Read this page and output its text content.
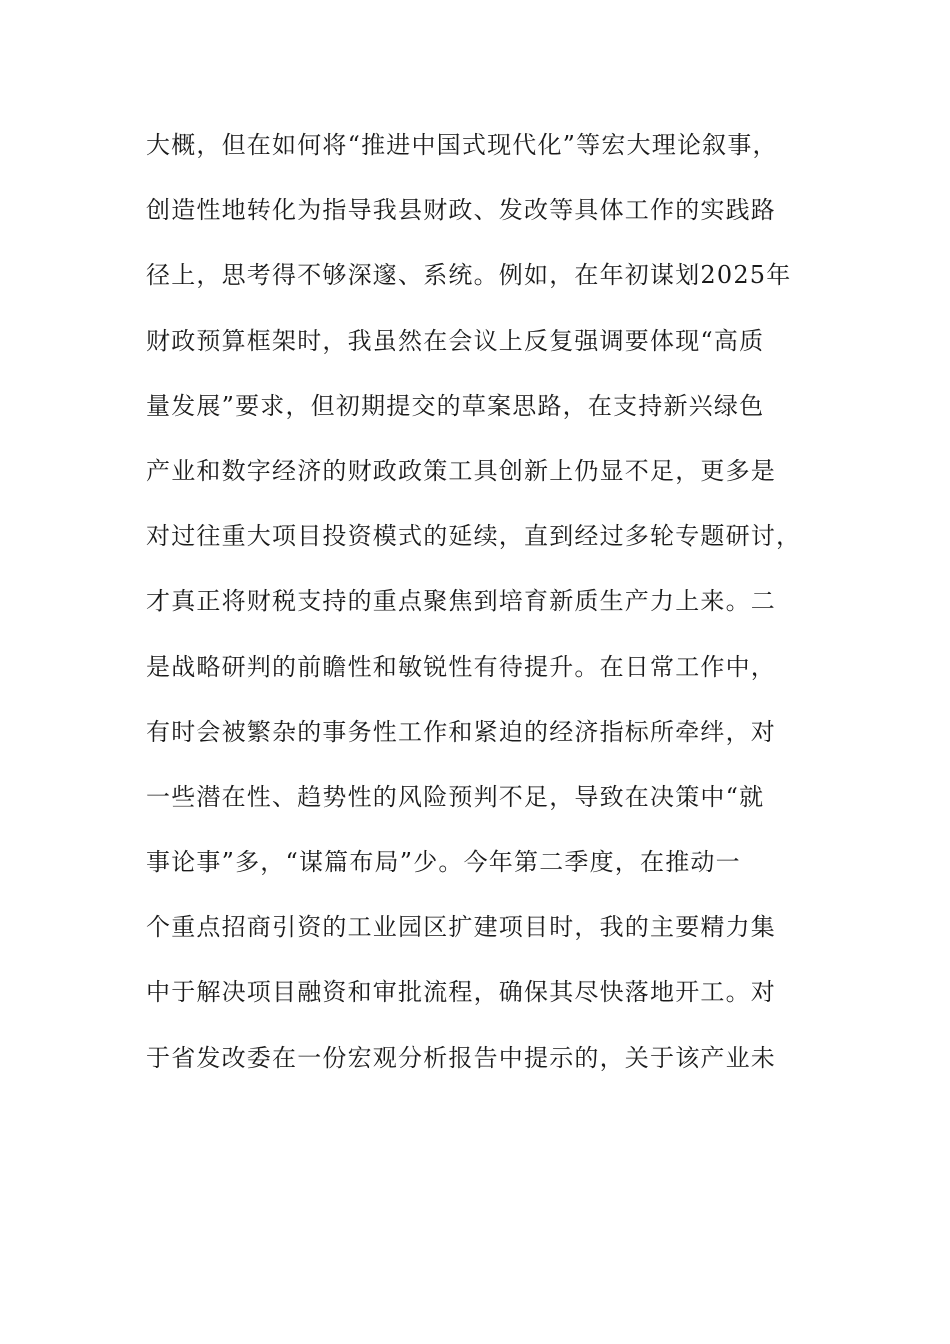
大概，但在如何将“推进中国式现代化”等宏大理论叙事，
创造性地转化为指导我县财政、发改等具体工作的实践路
径上，思考得不够深邃、系统。例如，在年初谋划2025年
财政预算框架时，我虽然在会议上反复强调要体现“高质
量发展”要求，但初期提交的草案思路，在支持新兴绿色
产业和数字经济的财政政策工具创新上仍显不足，更多是
对过往重大项目投资模式的延续，直到经过多轮专题研讨，
才真正将财税支持的重点聚焦到培育新质生产力上来。二
是战略研判的前瞻性和敏锐性有待提升。在日常工作中，
有时会被繁杂的事务性工作和紧迫的经济指标所牵绊，对
一些潜在性、趋势性的风险预判不足，导致在决策中“就
事论事”多，“谋篇布局”少。今年第二季度，在推动一
个重点招商引资的工业园区扩建项目时，我的主要精力集
中于解决项目融资和审批流程，确保其尽快落地开工。对
于省发改委在一份宏观分析报告中提示的，关于该产业未
